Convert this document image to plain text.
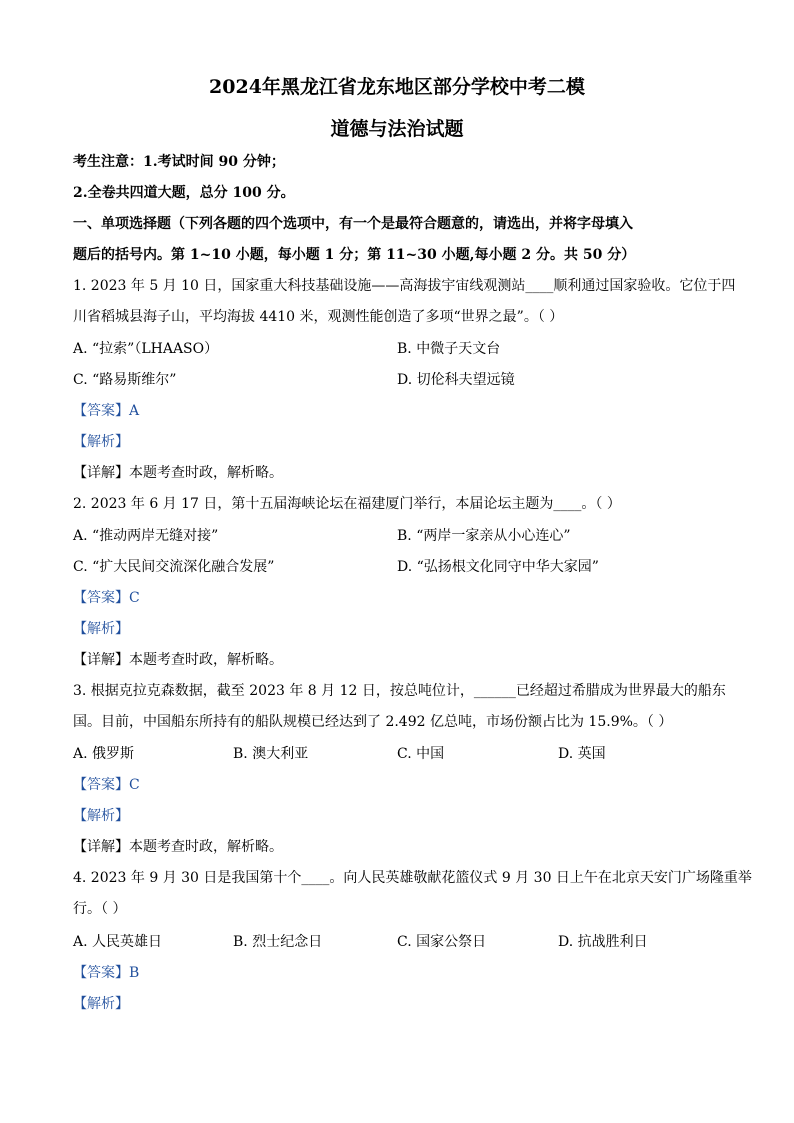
2024年黑龙江省龙东地区部分学校中考二模
道德与法治试题
考生注意：1.考试时间 90 分钟；
2.全卷共四道大题，总分 100 分。
一、单项选择题（下列各题的四个选项中，有一个是最符合题意的，请选出，并将字母填入
题后的括号内。第 1~10 小题，每小题 1 分；第 11~30 小题,每小题 2 分。共 50 分）
1. 2023 年 5 月 10 日，国家重大科技基础设施——高海拔宇宙线观测站____顺利通过国家验收。它位于四
川省稻城县海子山，平均海拔 4410 米，观测性能创造了多项“世界之最”。（ ）
A. “拉索”（LHAASO）	B. 中微子天文台
C. “路易斯维尔”	D. 切伦科夫望远镜
【答案】A
【解析】
【详解】本题考查时政，解析略。
2. 2023 年 6 月 17 日，第十五届海峡论坛在福建厦门举行，本届论坛主题为____。（ ）
A. “推动两岸无缝对接”	B. “两岸一家亲从小心连心”
C. “扩大民间交流深化融合发展”	D. “弘扬根文化同守中华大家园”
【答案】C
【解析】
【详解】本题考查时政，解析略。
3. 根据克拉克森数据，截至 2023 年 8 月 12 日，按总吨位计，______已经超过希腊成为世界最大的船东
国。目前，中国船东所持有的船队规模已经达到了 2.492 亿总吨，市场份额占比为 15.9%。（ ）
A. 俄罗斯	B. 澳大利亚	C. 中国	D. 英国
【答案】C
【解析】
【详解】本题考查时政，解析略。
4. 2023 年 9 月 30 日是我国第十个____。向人民英雄敬献花篮仪式 9 月 30 日上午在北京天安门广场隆重举
行。（ ）
A. 人民英雄日	B. 烈士纪念日	C. 国家公祭日	D. 抗战胜利日
【答案】B
【解析】
